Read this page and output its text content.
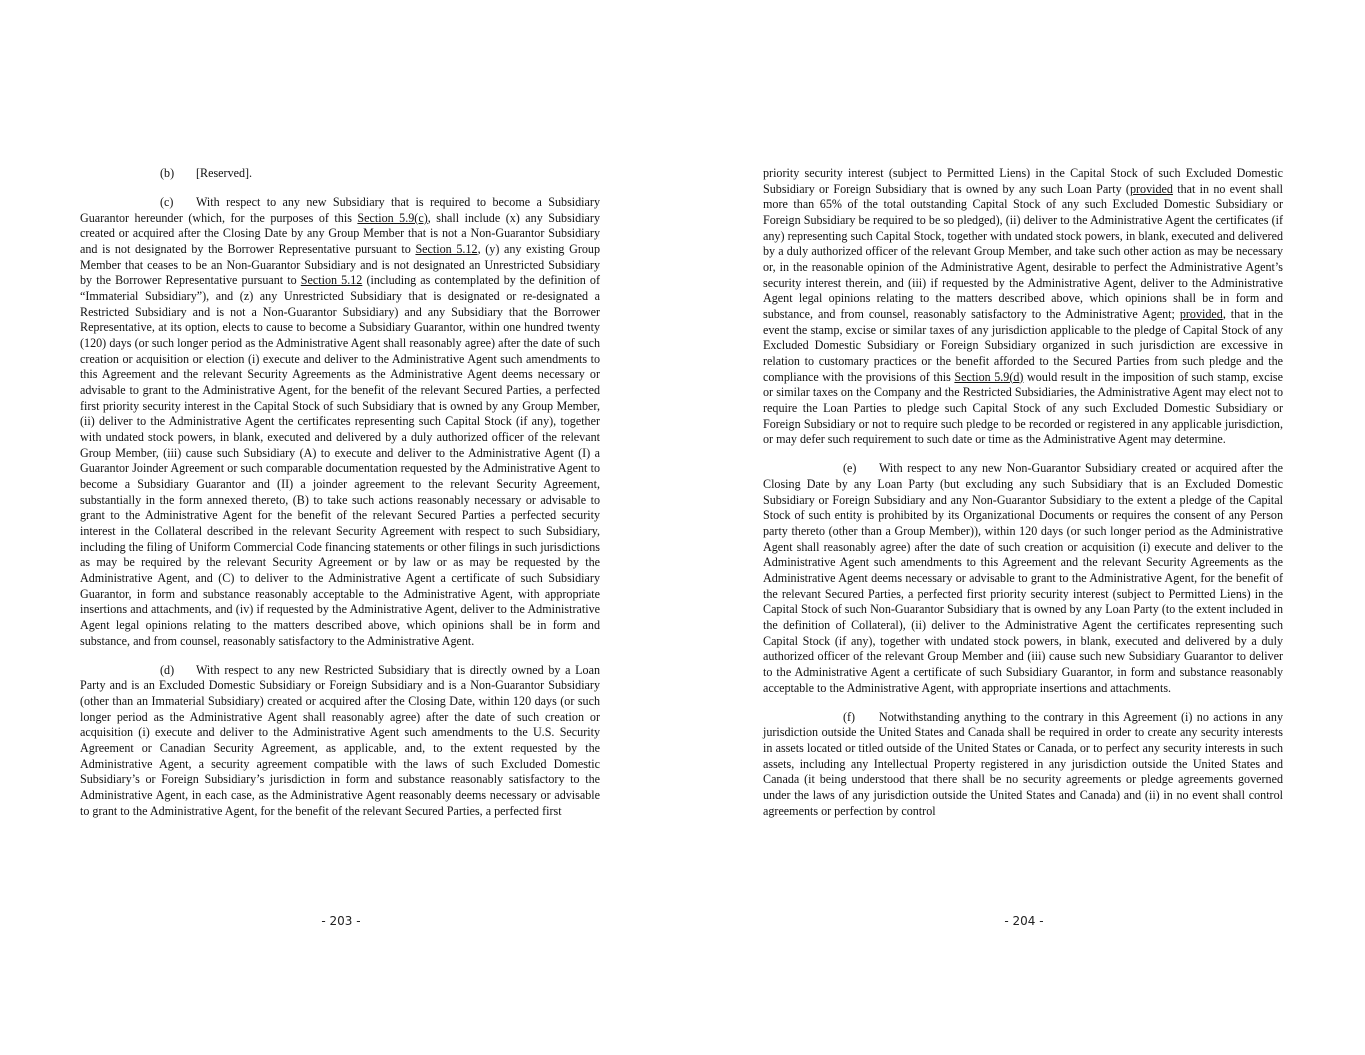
(b) [Reserved].

(c) With respect to any new Subsidiary that is required to become a Subsidiary Guarantor hereunder (which, for the purposes of this Section 5.9(c), shall include (x) any Subsidiary created or acquired after the Closing Date by any Group Member that is not a Non-Guarantor Subsidiary and is not designated by the Borrower Representative pursuant to Section 5.12, (y) any existing Group Member that ceases to be an Non-Guarantor Subsidiary and is not designated an Unrestricted Subsidiary by the Borrower Representative pursuant to Section 5.12 (including as contemplated by the definition of “Immaterial Subsidiary”), and (z) any Unrestricted Subsidiary that is designated or re-designated a Restricted Subsidiary and is not a Non-Guarantor Subsidiary) and any Subsidiary that the Borrower Representative, at its option, elects to cause to become a Subsidiary Guarantor, within one hundred twenty (120) days (or such longer period as the Administrative Agent shall reasonably agree) after the date of such creation or acquisition or election (i) execute and deliver to the Administrative Agent such amendments to this Agreement and the relevant Security Agreements as the Administrative Agent deems necessary or advisable to grant to the Administrative Agent, for the benefit of the relevant Secured Parties, a perfected first priority security interest in the Capital Stock of such Subsidiary that is owned by any Group Member, (ii) deliver to the Administrative Agent the certificates representing such Capital Stock (if any), together with undated stock powers, in blank, executed and delivered by a duly authorized officer of the relevant Group Member, (iii) cause such Subsidiary (A) to execute and deliver to the Administrative Agent (I) a Guarantor Joinder Agreement or such comparable documentation requested by the Administrative Agent to become a Subsidiary Guarantor and (II) a joinder agreement to the relevant Security Agreement, substantially in the form annexed thereto, (B) to take such actions reasonably necessary or advisable to grant to the Administrative Agent for the benefit of the relevant Secured Parties a perfected security interest in the Collateral described in the relevant Security Agreement with respect to such Subsidiary, including the filing of Uniform Commercial Code financing statements or other filings in such jurisdictions as may be required by the relevant Security Agreement or by law or as may be requested by the Administrative Agent, and (C) to deliver to the Administrative Agent a certificate of such Subsidiary Guarantor, in form and substance reasonably acceptable to the Administrative Agent, with appropriate insertions and attachments, and (iv) if requested by the Administrative Agent, deliver to the Administrative Agent legal opinions relating to the matters described above, which opinions shall be in form and substance, and from counsel, reasonably satisfactory to the Administrative Agent.

(d) With respect to any new Restricted Subsidiary that is directly owned by a Loan Party and is an Excluded Domestic Subsidiary or Foreign Subsidiary and is a Non-Guarantor Subsidiary (other than an Immaterial Subsidiary) created or acquired after the Closing Date, within 120 days (or such longer period as the Administrative Agent shall reasonably agree) after the date of such creation or acquisition (i) execute and deliver to the Administrative Agent such amendments to the U.S. Security Agreement or Canadian Security Agreement, as applicable, and, to the extent requested by the Administrative Agent, a security agreement compatible with the laws of such Excluded Domestic Subsidiary’s or Foreign Subsidiary’s jurisdiction in form and substance reasonably satisfactory to the Administrative Agent, in each case, as the Administrative Agent reasonably deems necessary or advisable to grant to the Administrative Agent, for the benefit of the relevant Secured Parties, a perfected first

- 203 -

priority security interest (subject to Permitted Liens) in the Capital Stock of such Excluded Domestic Subsidiary or Foreign Subsidiary that is owned by any such Loan Party (provided that in no event shall more than 65% of the total outstanding Capital Stock of any such Excluded Domestic Subsidiary or Foreign Subsidiary be required to be so pledged), (ii) deliver to the Administrative Agent the certificates (if any) representing such Capital Stock, together with undated stock powers, in blank, executed and delivered by a duly authorized officer of the relevant Group Member, and take such other action as may be necessary or, in the reasonable opinion of the Administrative Agent, desirable to perfect the Administrative Agent’s security interest therein, and (iii) if requested by the Administrative Agent, deliver to the Administrative Agent legal opinions relating to the matters described above, which opinions shall be in form and substance, and from counsel, reasonably satisfactory to the Administrative Agent; provided, that in the event the stamp, excise or similar taxes of any jurisdiction applicable to the pledge of Capital Stock of any Excluded Domestic Subsidiary or Foreign Subsidiary organized in such jurisdiction are excessive in relation to customary practices or the benefit afforded to the Secured Parties from such pledge and the compliance with the provisions of this Section 5.9(d) would result in the imposition of such stamp, excise or similar taxes on the Company and the Restricted Subsidiaries, the Administrative Agent may elect not to require the Loan Parties to pledge such Capital Stock of any such Excluded Domestic Subsidiary or Foreign Subsidiary or not to require such pledge to be recorded or registered in any applicable jurisdiction, or may defer such requirement to such date or time as the Administrative Agent may determine.

(e) With respect to any new Non-Guarantor Subsidiary created or acquired after the Closing Date by any Loan Party (but excluding any such Subsidiary that is an Excluded Domestic Subsidiary or Foreign Subsidiary and any Non-Guarantor Subsidiary to the extent a pledge of the Capital Stock of such entity is prohibited by its Organizational Documents or requires the consent of any Person party thereto (other than a Group Member)), within 120 days (or such longer period as the Administrative Agent shall reasonably agree) after the date of such creation or acquisition (i) execute and deliver to the Administrative Agent such amendments to this Agreement and the relevant Security Agreements as the Administrative Agent deems necessary or advisable to grant to the Administrative Agent, for the benefit of the relevant Secured Parties, a perfected first priority security interest (subject to Permitted Liens) in the Capital Stock of such Non-Guarantor Subsidiary that is owned by any Loan Party (to the extent included in the definition of Collateral), (ii) deliver to the Administrative Agent the certificates representing such Capital Stock (if any), together with undated stock powers, in blank, executed and delivered by a duly authorized officer of the relevant Group Member and (iii) cause such new Subsidiary Guarantor to deliver to the Administrative Agent a certificate of such Subsidiary Guarantor, in form and substance reasonably acceptable to the Administrative Agent, with appropriate insertions and attachments.

(f) Notwithstanding anything to the contrary in this Agreement (i) no actions in any jurisdiction outside the United States and Canada shall be required in order to create any security interests in assets located or titled outside of the United States or Canada, or to perfect any security interests in such assets, including any Intellectual Property registered in any jurisdiction outside the United States and Canada (it being understood that there shall be no security agreements or pledge agreements governed under the laws of any jurisdiction outside the United States and Canada) and (ii) in no event shall control agreements or perfection by control

- 204 -
